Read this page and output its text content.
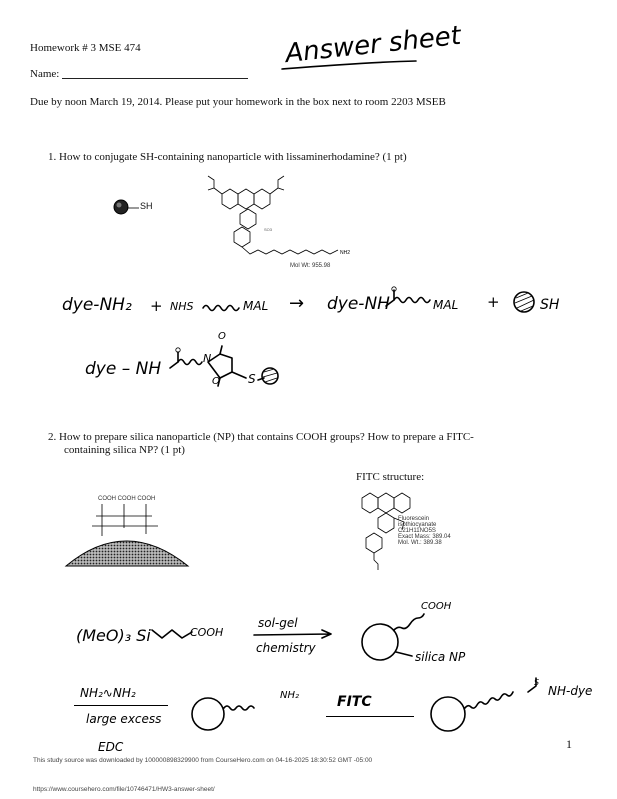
Homework # 3 MSE 474	Answer sheet
Name:
Due by noon March 19, 2014. Please put your homework in the box next to room 2203 MSEB
1. How to conjugate SH-containing nanoparticle with lissaminerhodamine? (1 pt)
SH
NH2
SO3
Mol Wt: 955.98
dye-NH₂ + NHS	MAL → dye-NH	MAL +	SH
dye – NH
N
O
O S
2. How to prepare silica nanoparticle (NP) that contains COOH groups? How to prepare a FITC-
containing silica NP? (1 pt)
COOH COOH COOH
FITC structure:
Fluorescein
isothiocyanate
C21H11NO5S
Exact Mass: 389.04
Mol. Wt.: 389.38
(MeO)₃ Si	COOH
sol-gel
chemistry
COOH
silica NP
NH₂∿NH₂
large excess
EDC
NH₂	FITC
S
NH-dye
1
This study source was downloaded by 100000898329900 from CourseHero.com on 04-16-2025 18:30:52 GMT -05:00
https://www.coursehero.com/file/10746471/HW3-answer-sheet/
